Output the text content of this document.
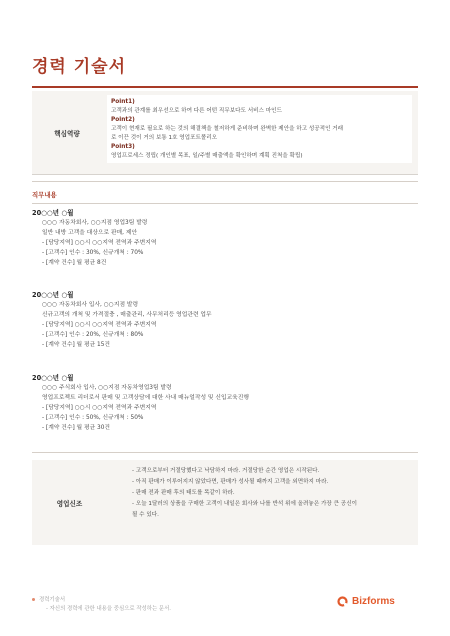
경력 기술서
핵심역량
Point1)
고객과의 관계를 최우선으로 하여 다른 어떤 직무보다도 서비스 마인드
Point2)
고객이 현재로 필요로 하는 것의 해결책을 철저하게 준비하며 완벽한 제안을 하고 성공적인 거래
로 이끈 것이 거의 보통 1호 영업포트폴리오
Point3)
영업프로세스 정립( 개인별 목표, 일/주별 매출액을 확인하며 계획 진척을 확립)
직무내용
20○○년 ○월
○○○ 자동차회사, ○○지점 영업3팀 발령
일반 내방 고객을 대상으로 판매, 제안
- [담당지역] ○○시 ○○지역 전역과 주변지역
- [고객수] 인수 : 30%, 신규개척 : 70%
- [계약 건수] 월 평균 8건
20○○년 ○월
○○○ 자동차회사 입사, ○○지점 발령
신규고객의 개척 및 가격절충 , 매출관리, 사무처리등 영업관련 업무
- [담당지역] ○○시 ○○지역 전역과 주변지역
- [고객수] 인수 : 20%, 신규개척 : 80%
- [계약 건수] 월 평균 15건
20○○년 ○월
○○○ 주식회사 입사, ○○지점 자동차영업3팀 발령
영업프로젝트 리더로서 판매 및 고객상담에 대한 사내 매뉴얼작성 및 신입교육진행
- [담당지역] ○○시 ○○지역 전역과 주변지역
- [고객수] 인수 : 50%, 신규개척 : 50%
- [계약 건수] 월 평균 30건
영업신조
- 고객으로부터 거절당했다고 낙담하지 마라. 거절당한 순간 영업은 시작된다.
- 아직 판매가 이루어지지 않았다면, 판매가 성사될 때까지 고객을 외면하지 마라.
- 판매 전과 판매 후의 태도를 똑같이 하라.
- 오늘 1달러의 상품을 구매한 고객이 내일은 회사와 나를 반석 위에 올려놓은 가장 큰 공신이
될 수 있다.
경력기술서
- 자신의 경력에 관한 내용을 중심으로 작성하는 문서.
Bizforms
